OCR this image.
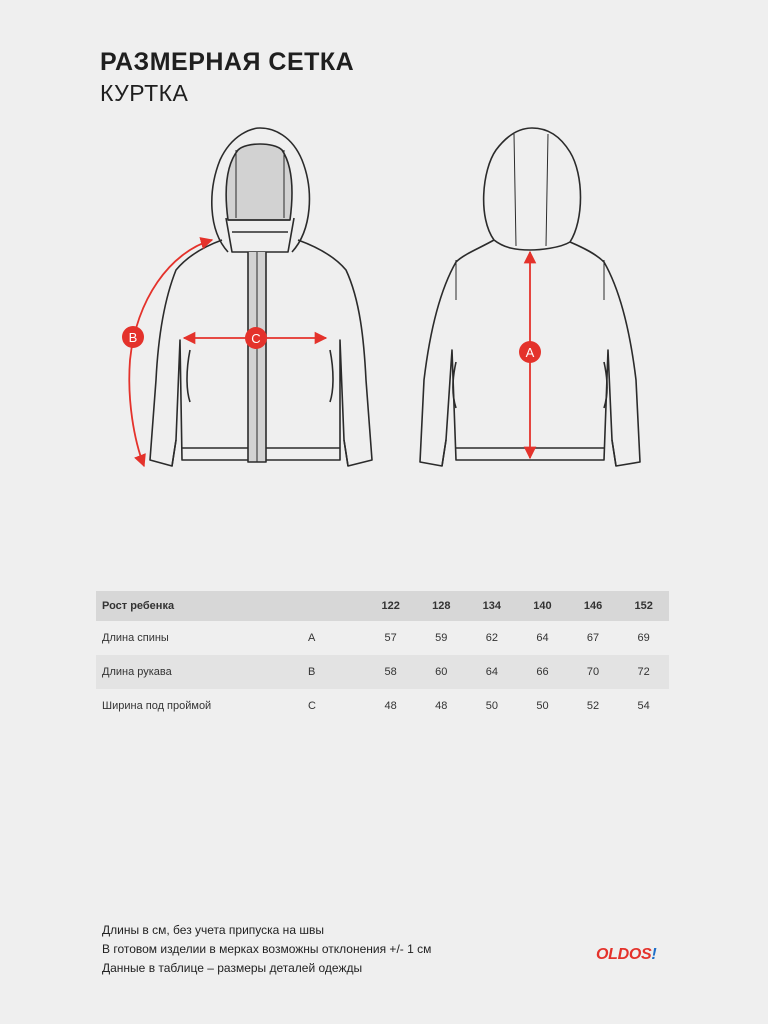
РАЗМЕРНАЯ СЕТКА
КУРТКА
B	C
A
Рост ребенка		122	128	134	140	146	152
Длина спины	A	57	59	62	64	67	69
Длина рукава	B	58	60	64	66	70	72
Ширина под проймой	C	48	48	50	50	52	54
Длины в см, без учета припуска на швы
В готовом изделии в мерках возможны отклонения +/- 1 см
Данные в таблице – размеры деталей одежды
OLDOS!
